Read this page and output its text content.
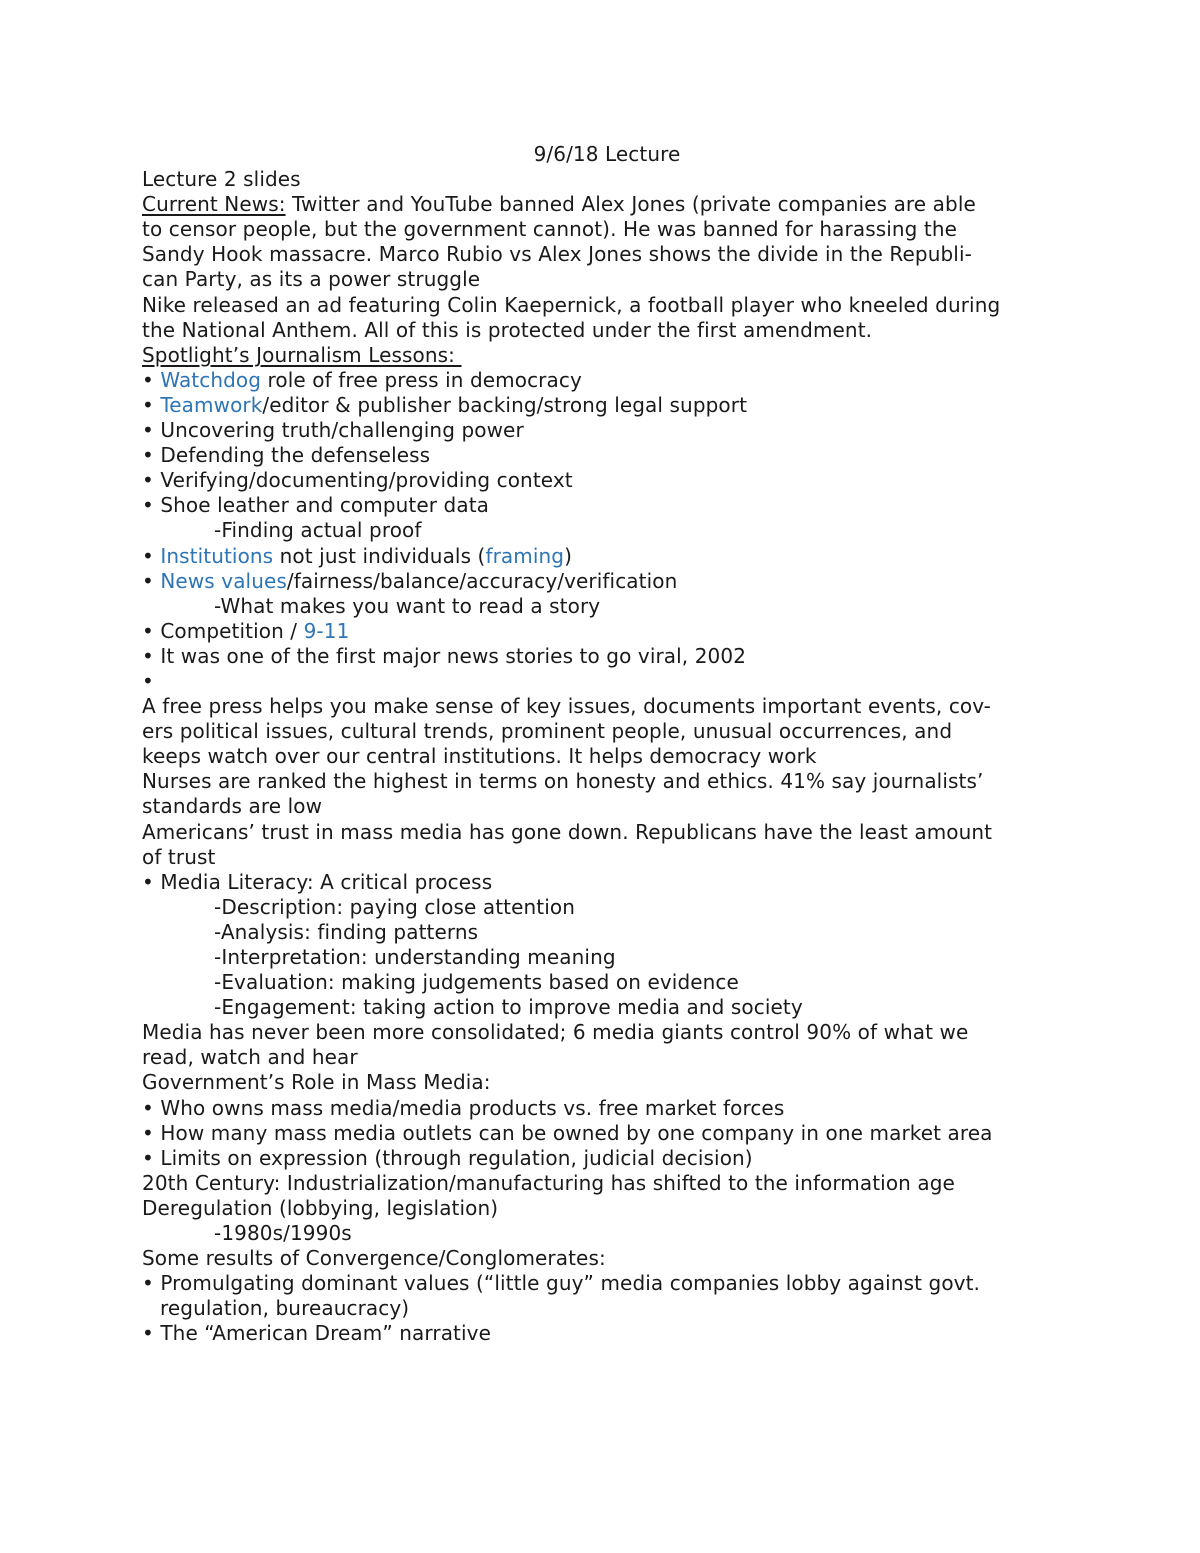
9/6/18 Lecture
Lecture 2 slides
Current News: Twitter and YouTube banned Alex Jones (private companies are able
to censor people, but the government cannot). He was banned for harassing the
Sandy Hook massacre. Marco Rubio vs Alex Jones shows the divide in the Republi-
can Party, as its a power struggle
Nike released an ad featuring Colin Kaepernick, a football player who kneeled during
the National Anthem. All of this is protected under the first amendment.
Spotlight’s Journalism Lessons:
• Watchdog role of free press in democracy
• Teamwork/editor & publisher backing/strong legal support
• Uncovering truth/challenging power
• Defending the defenseless
• Verifying/documenting/providing context
• Shoe leather and computer data
-Finding actual proof
• Institutions not just individuals (framing)
• News values/fairness/balance/accuracy/verification
-What makes you want to read a story
• Competition / 9-11
• It was one of the first major news stories to go viral, 2002
•
A free press helps you make sense of key issues, documents important events, cov-
ers political issues, cultural trends, prominent people, unusual occurrences, and
keeps watch over our central institutions. It helps democracy work
Nurses are ranked the highest in terms on honesty and ethics. 41% say journalists’
standards are low
Americans’ trust in mass media has gone down. Republicans have the least amount
of trust
• Media Literacy: A critical process
-Description: paying close attention
-Analysis: finding patterns
-Interpretation: understanding meaning
-Evaluation: making judgements based on evidence
-Engagement: taking action to improve media and society
Media has never been more consolidated; 6 media giants control 90% of what we
read, watch and hear
Government’s Role in Mass Media:
• Who owns mass media/media products vs. free market forces
• How many mass media outlets can be owned by one company in one market area
• Limits on expression (through regulation, judicial decision)
20th Century: Industrialization/manufacturing has shifted to the information age
Deregulation (lobbying, legislation)
-1980s/1990s
Some results of Convergence/Conglomerates:
• Promulgating dominant values (“little guy” media companies lobby against govt.
regulation, bureaucracy)
• The “American Dream” narrative
